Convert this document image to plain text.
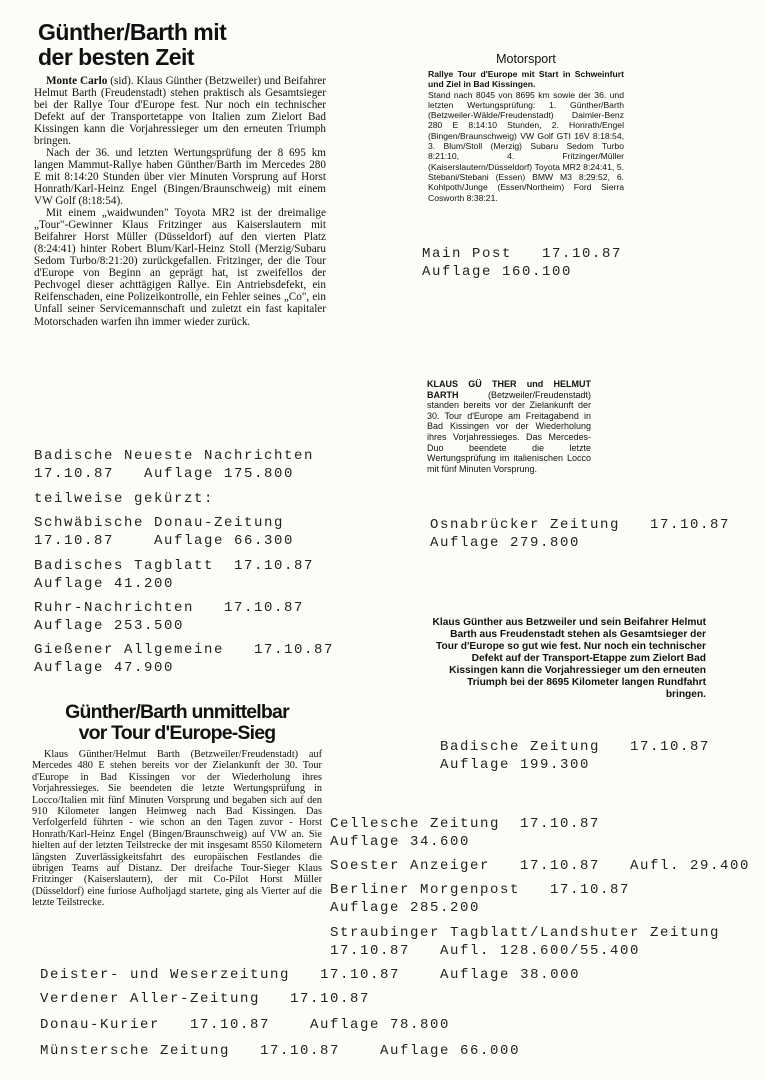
Günther/Barth mit
der besten Zeit

Monte Carlo (sid). Klaus Günther (Betzweiler) und Beifahrer Helmut Barth (Freudenstadt) stehen praktisch als Gesamtsieger bei der Rallye Tour d'Europe fest. Nur noch ein technischer Defekt auf der Transportetappe von Italien zum Zielort Bad Kissingen kann die Vorjahressieger um den erneuten Triumph bringen.

Nach der 36. und letzten Wertungsprüfung der 8 695 km langen Mammut-Rallye haben Günther/Barth im Mercedes 280 E mit 8:14:20 Stunden über vier Minuten Vorsprung auf Horst Honrath/Karl-Heinz Engel (Bingen/Braunschweig) mit einem VW Golf (8:18:54).

Mit einem „waidwunden" Toyota MR2 ist der dreimalige „Tour"-Gewinner Klaus Fritzinger aus Kaiserslautern mit Beifahrer Horst Müller (Düsseldorf) auf den vierten Platz (8:24:41) hinter Robert Blum/Karl-Heinz Stoll (Merzig/Subaru Sedom Turbo/8:21:20) zurückgefallen. Fritzinger, der die Tour d'Europe von Beginn an geprägt hat, ist zweifellos der Pechvogel dieser achttägigen Rallye. Ein Antriebsdefekt, ein Reifenschaden, eine Polizeikontrolle, ein Fehler seines „Co", ein Unfall seiner Servicemannschaft und zuletzt ein fast kapitaler Motorschaden warfen ihn immer wieder zurück.

Badische Neueste Nachrichten
17.10.87   Auflage 175.800
teilweise gekürzt:
Schwäbische Donau-Zeitung
17.10.87    Auflage 66.300
Badisches Tagblatt  17.10.87
Auflage 41.200
Ruhr-Nachrichten   17.10.87
Auflage 253.500
Gießener Allgemeine   17.10.87
Auflage 47.900
Motorsport

Rallye Tour d'Europe mit Start in Schweinfurt und Ziel in Bad Kissingen.

Stand nach 8045 von 8695 km sowie der 36. und letzten Wertungsprüfung: 1. Günther/Barth (Betzweiler-Wälde/Freudenstadt) Daimler-Benz 280 E 8:14:10 Stunden, 2. Honrath/Engel (Bingen/Braunschweig) VW Golf GTI 16V 8:18:54, 3. Blum/Stoll (Merzig) Subaru Sedom Turbo 8:21:10, 4. Fritzinger/Müller (Kaiserslautern/Düsseldorf) Toyota MR2 8:24:41, 5. Stebani/Stebani (Essen) BMW M3 8:29:52, 6. Kohlpoth/Junge (Essen/Northeim) Ford Sierra Cosworth 8:38:21.

Main Post   17.10.87
Auflage 160.100

KLAUS GÜ THER und HELMUT BARTH (Betzweiler/Freudenstadt) standen bereits vor der Zielankunft der 30. Tour d'Europe am Freitagabend in Bad Kissingen vor der Wiederholung ihres Vorjahressieges. Das Mercedes-Duo beendete die letzte Wertungsprüfung im italienischen Locco mit fünf Minuten Vorsprung.

Osnabrücker Zeitung   17.10.87
Auflage 279.800

Klaus Günther aus Betzweiler und sein Beifahrer Helmut Barth aus Freudenstadt stehen als Gesamtsieger der Tour d'Europe so gut wie fest. Nur noch ein technischer Defekt auf der Transport-Etappe zum Zielort Bad Kissingen kann die Vorjahressieger um den erneuten Triumph bei der 8695 Kilometer langen Rundfahrt bringen.

Badische Zeitung   17.10.87
Auflage 199.300
Günther/Barth unmittelbar
vor Tour d'Europe-Sieg

Klaus Günther/Helmut Barth (Betzweiler/Freudenstadt) auf Mercedes 480 E stehen bereits vor der Zielankunft der 30. Tour d'Europe in Bad Kissingen vor der Wiederholung ihres Vorjahressieges. Sie beendeten die letzte Wertungsprüfung in Locco/Italien mit fünf Minuten Vorsprung und begaben sich auf den 910 Kilometer langen Heimweg nach Bad Kissingen. Das Verfolgerfeld führten - wie schon an den Tagen zuvor - Horst Honrath/Karl-Heinz Engel (Bingen/Braunschweig) auf VW an. Sie hielten auf der letzten Teilstrecke der mit insgesamt 8550 Kilometern längsten Zuverlässigkeitsfahrt des europäischen Festlandes die übrigen Teams auf Distanz. Der dreifache Tour-Sieger Klaus Fritzinger (Kaiserslautern), der mit Co-Pilot Horst Müller (Düsseldorf) eine furiose Aufholjagd startete, ging als Vierter auf die letzte Teilstrecke.

Cellesche Zeitung  17.10.87
Auflage 34.600
Soester Anzeiger   17.10.87   Aufl. 29.400
Berliner Morgenpost   17.10.87
Auflage 285.200
Straubinger Tagblatt/Landshuter Zeitung
17.10.87   Aufl. 128.600/55.400
Deister- und Weserzeitung   17.10.87    Auflage 38.000
Verdener Aller-Zeitung   17.10.87
Donau-Kurier   17.10.87    Auflage 78.800
Münstersche Zeitung   17.10.87    Auflage 66.000
